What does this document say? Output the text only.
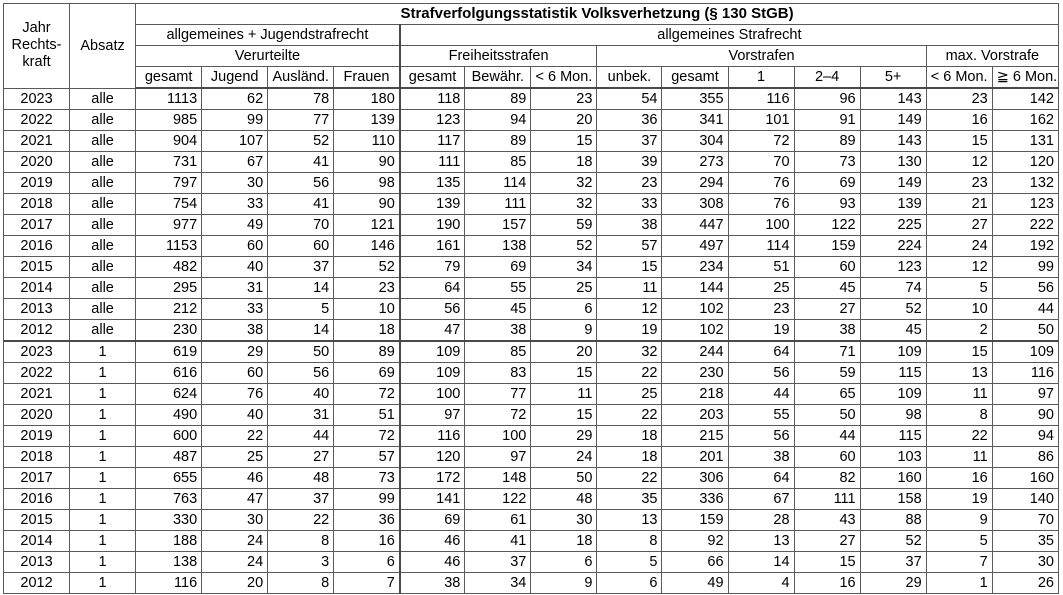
Jahr
Rechts-
kraft	Absatz	Strafverfolgungsstatistik Volksverhetzung (§ 130 StGB)													
		allgemeines + Jugendstrafrecht				allgemeines Strafrecht									
		Verurteilte				Freiheitsstrafen			Vorstrafen					max. Vorstrafe	
		gesamt	Jugend	Ausländ.	Frauen	gesamt	Bewähr.	< 6 Mon.	unbek.	gesamt	1	2–4	5+	< 6 Mon.	≧ 6 Mon.
2023	alle	1113	62	78	180	118	89	23	54	355	116	96	143	23	142
2022	alle	985	99	77	139	123	94	20	36	341	101	91	149	16	162
2021	alle	904	107	52	110	117	89	15	37	304	72	89	143	15	131
2020	alle	731	67	41	90	111	85	18	39	273	70	73	130	12	120
2019	alle	797	30	56	98	135	114	32	23	294	76	69	149	23	132
2018	alle	754	33	41	90	139	111	32	33	308	76	93	139	21	123
2017	alle	977	49	70	121	190	157	59	38	447	100	122	225	27	222
2016	alle	1153	60	60	146	161	138	52	57	497	114	159	224	24	192
2015	alle	482	40	37	52	79	69	34	15	234	51	60	123	12	99
2014	alle	295	31	14	23	64	55	25	11	144	25	45	74	5	56
2013	alle	212	33	5	10	56	45	6	12	102	23	27	52	10	44
2012	alle	230	38	14	18	47	38	9	19	102	19	38	45	2	50
2023	1	619	29	50	89	109	85	20	32	244	64	71	109	15	109
2022	1	616	60	56	69	109	83	15	22	230	56	59	115	13	116
2021	1	624	76	40	72	100	77	11	25	218	44	65	109	11	97
2020	1	490	40	31	51	97	72	15	22	203	55	50	98	8	90
2019	1	600	22	44	72	116	100	29	18	215	56	44	115	22	94
2018	1	487	25	27	57	120	97	24	18	201	38	60	103	11	86
2017	1	655	46	48	73	172	148	50	22	306	64	82	160	16	160
2016	1	763	47	37	99	141	122	48	35	336	67	111	158	19	140
2015	1	330	30	22	36	69	61	30	13	159	28	43	88	9	70
2014	1	188	24	8	16	46	41	18	8	92	13	27	52	5	35
2013	1	138	24	3	6	46	37	6	5	66	14	15	37	7	30
2012	1	116	20	8	7	38	34	9	6	49	4	16	29	1	26
